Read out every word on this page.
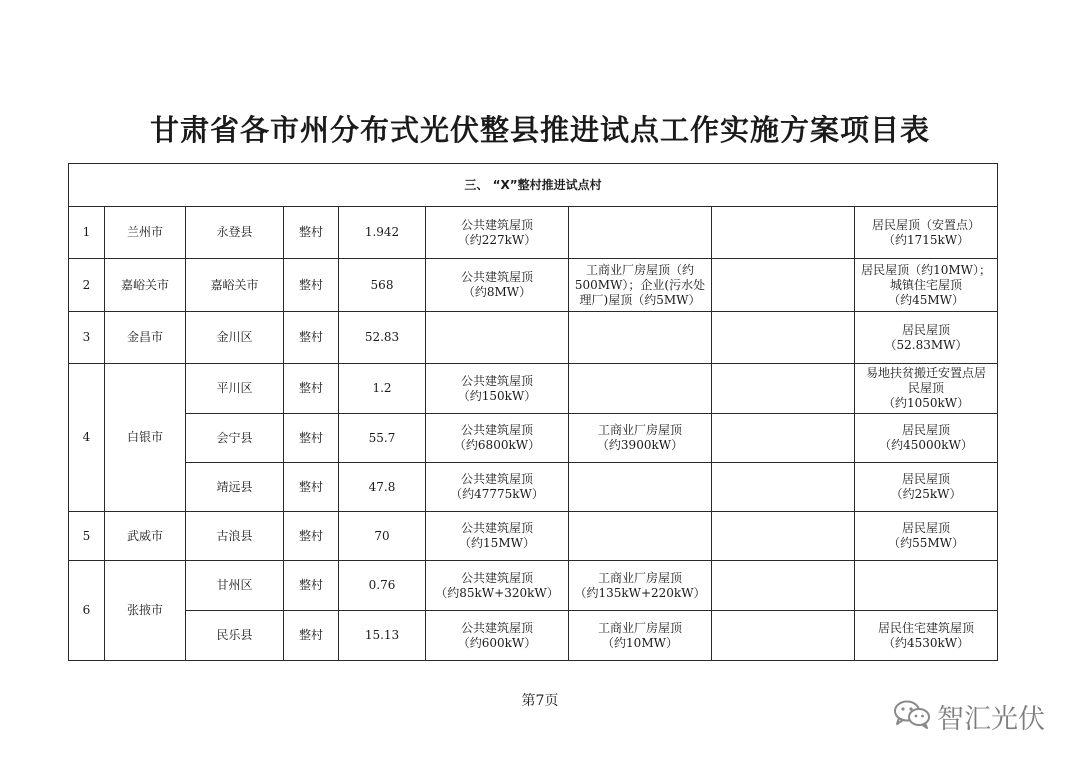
甘肃省各市州分布式光伏整县推进试点工作实施方案项目表
三、 “X”整村推进试点村								
1	兰州市	永登县	整村	1.942	公共建筑屋顶
（约227kW）			居民屋顶（安置点）
（约1715kW）

2	嘉峪关市	嘉峪关市	整村	568	公共建筑屋顶
（约8MW）	工商业厂房屋顶（约
500MW）；企业(污水处
理厂)屋顶（约5MW）		居民屋顶（约10MW）；
城镇住宅屋顶
（约45MW）

3	金昌市	金川区	整村	52.83				居民屋顶
（52.83MW）

4	白银市	平川区	整村	1.2	公共建筑屋顶
（约150kW）			易地扶贫搬迁安置点居
民屋顶
（约1050kW）

		会宁县	整村	55.7	公共建筑屋顶
（约6800kW）	工商业厂房屋顶
（约3900kW）		居民屋顶
（约45000kW）

		靖远县	整村	47.8	公共建筑屋顶
（约47775kW）			居民屋顶
（约25kW）

5	武威市	古浪县	整村	70	公共建筑屋顶
（约15MW）			居民屋顶
（约55MW）

6	张掖市	甘州区	整村	0.76	公共建筑屋顶
（约85kW+320kW）	工商业厂房屋顶
（约135kW+220kW）		

		民乐县	整村	15.13	公共建筑屋顶
（约600kW）	工商业厂房屋顶
（约10MW）		居民住宅建筑屋顶
（约4530kW）
第7页
智汇光伏
